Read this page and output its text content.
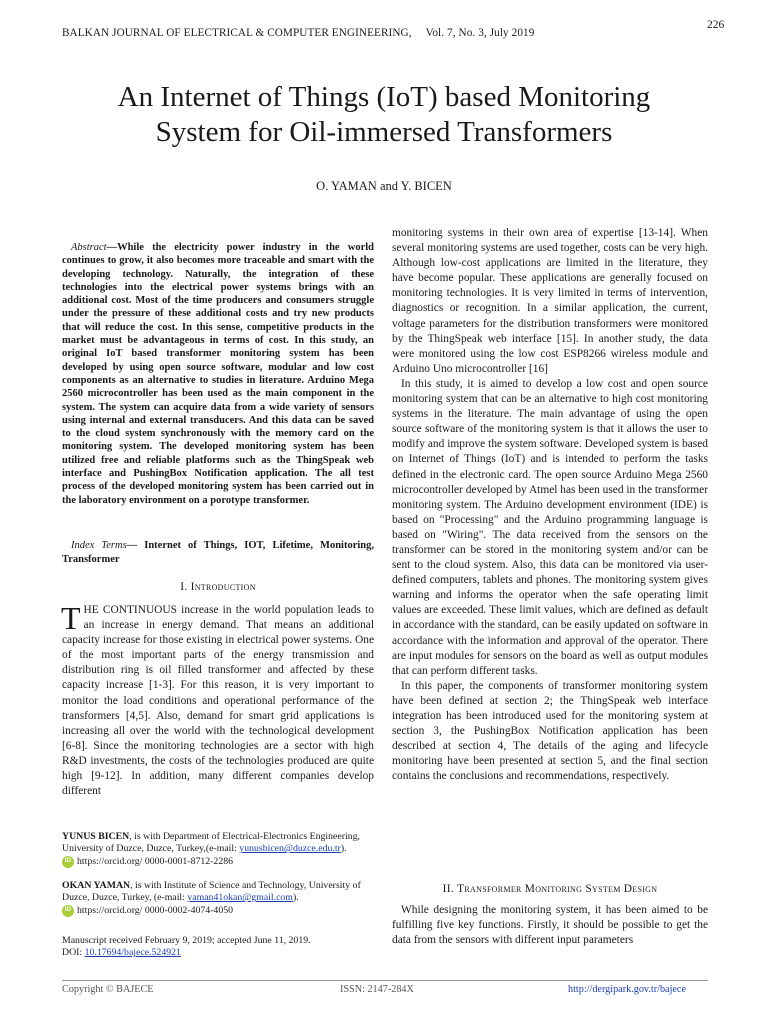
BALKAN JOURNAL OF ELECTRICAL & COMPUTER ENGINEERING, Vol. 7, No. 3, July 2019
226
An Internet of Things (IoT) based Monitoring
System for Oil-immersed Transformers
O. YAMAN and Y. BICEN
Abstract—While the electricity power industry in the world continues to grow, it also becomes more traceable and smart with the developing technology. Naturally, the integration of these technologies into the electrical power systems brings with an additional cost. Most of the time producers and consumers struggle under the pressure of these additional costs and try new products that will reduce the cost. In this sense, competitive products in the market must be advantageous in terms of cost. In this study, an original IoT based transformer monitoring system has been developed by using open source software, modular and low cost components as an alternative to studies in literature. Arduino Mega 2560 microcontroller has been used as the main component in the system. The system can acquire data from a wide variety of sensors using internal and external transducers. And this data can be saved to the cloud system synchronously with the memory card on the monitoring system. The developed monitoring system has been utilized free and reliable platforms such as the ThingSpeak web interface and PushingBox Notification application. The all test process of the developed monitoring system has been carried out in the laboratory environment on a porotype transformer.
Index Terms— Internet of Things, IOT, Lifetime, Monitoring, Transformer
I. Introduction

THE CONTINUOUS increase in the world population leads to an increase in energy demand. That means an additional capacity increase for those existing in electrical power systems. One of the most important parts of the energy transmission and distribution ring is oil filled transformer and affected by these capacity increase [1-3]. For this reason, it is very important to monitor the load conditions and operational performance of the transformers [4,5]. Also, demand for smart grid applications is increasing all over the world with the technological development [6-8]. Since the monitoring technologies are a sector with high R&D investments, the costs of the technologies produced are quite high [9-12]. In addition, many different companies develop different

YUNUS BICEN, is with Department of Electrical-Electronics Engineering, University of Duzce, Duzce, Turkey,(e-mail: yunusbicen@duzce.edu.tr).
iD https://orcid.org/ 0000-0001-8712-2286
OKAN YAMAN, is with Institute of Science and Technology, University of Duzce, Duzce, Turkey, (e-mail: yaman41okan@gmail.com).
iD https://orcid.org/ 0000-0002-4074-4050
Manuscript received February 9, 2019; accepted June 11, 2019.
DOI: 10.17694/bajece.524921

monitoring systems in their own area of expertise [13-14]. When several monitoring systems are used together, costs can be very high. Although low-cost applications are limited in the literature, they have become popular. These applications are generally focused on monitoring technologies. It is very limited in terms of intervention, diagnostics or recognition. In a similar application, the current, voltage parameters for the distribution transformers were monitored by the ThingSpeak web interface [15]. In another study, the data were monitored using the low cost ESP8266 wireless module and Arduino Uno microcontroller [16]

In this study, it is aimed to develop a low cost and open source monitoring system that can be an alternative to high cost monitoring systems in the literature. The main advantage of using the open source software of the monitoring system is that it allows the user to modify and improve the system software. Developed system is based on Internet of Things (IoT) and is intended to perform the tasks defined in the electronic card. The open source Arduino Mega 2560 microcontroller developed by Atmel has been used in the transformer monitoring system. The Arduino development environment (IDE) is based on "Processing" and the Arduino programming language is based on "Wiring". The data received from the sensors on the transformer can be stored in the monitoring system and/or can be sent to the cloud system. Also, this data can be monitored via user-defined computers, tablets and phones. The monitoring system gives warning and informs the operator when the safe operating limit values are exceeded. These limit values, which are defined as default in accordance with the standard, can be easily updated on software in accordance with the information and approval of the operator. There are input modules for sensors on the board as well as output modules that can perform different tasks.

In this paper, the components of transformer monitoring system have been defined at section 2; the ThingSpeak web interface integration has been introduced used for the monitoring system at section 3, the PushingBox Notification application has been described at section 4, The details of the aging and lifecycle monitoring have been presented at section 5, and the final section contains the conclusions and recommendations, respectively.

II. Transformer Monitoring System Design

While designing the monitoring system, it has been aimed to be fulfilling five key functions. Firstly, it should be possible to get the data from the sensors with different input parameters

Copyright © BAJECE	ISSN: 2147-284X	http://dergipark.gov.tr/bajece
